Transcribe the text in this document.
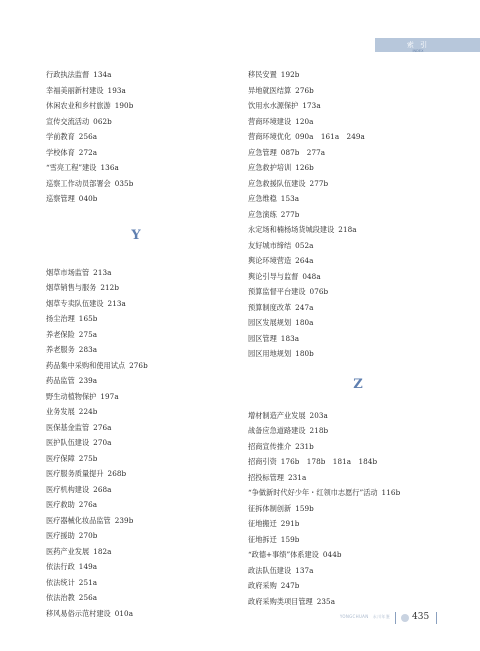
索 引
INDEX
行政执法监督 134a
幸福美丽新村建设 193a
休闲农业和乡村旅游 190b
宣传交流活动 062b
学前教育 256a
学校体育 272a
“雪亮工程”建设 136a
巡察工作动员部署会 035b
巡察管理 040b
Y
烟草市场监管 213a
烟草销售与服务 212b
烟草专卖队伍建设 213a
扬尘治理 165b
养老保险 275a
养老服务 283a
药品集中采购和使用试点 276b
药品监管 239a
野生动植物保护 197a
业务发展 224b
医保基金监管 276a
医护队伍建设 270a
医疗保障 275b
医疗服务质量提升 268b
医疗机构建设 268a
医疗救助 276a
医疗器械化妆品监管 239b
医疗援助 270b
医药产业发展 182a
依法行政 149a
依法统计 251a
依法治教 256a
移风易俗示范村建设 010a
移民安置 192b
异地就医结算 276b
饮用水水源保护 173a
营商环境建设 120a
营商环境优化 090a　161a　249a
应急管理 087b　277a
应急救护培训 126b
应急救援队伍建设 277b
应急维稳 153a
应急演练 277b
永定场和楠杨场货城段建设 218a
友好城市缔结 052a
舆论环境营造 264a
舆论引导与监督 048a
预算监督平台建设 076b
预算制度改革 247a
园区发展规划 180a
园区管理 183a
园区用地规划 180b
Z
增材制造产业发展 203a
战备应急道路建设 218b
招商宣传推介 231b
招商引资 176b　178b　181a　184b
招投标管理 231a
“争做新时代好少年・红领巾志愿行”活动 116b
征拆体制创新 159b
征地搬迁 291b
征地拆迁 159b
“政德+事绩”体系建设 044b
政法队伍建设 137a
政府采购 247b
政府采购类项目管理 235a
YONGCHUAN　永川年鉴 435
